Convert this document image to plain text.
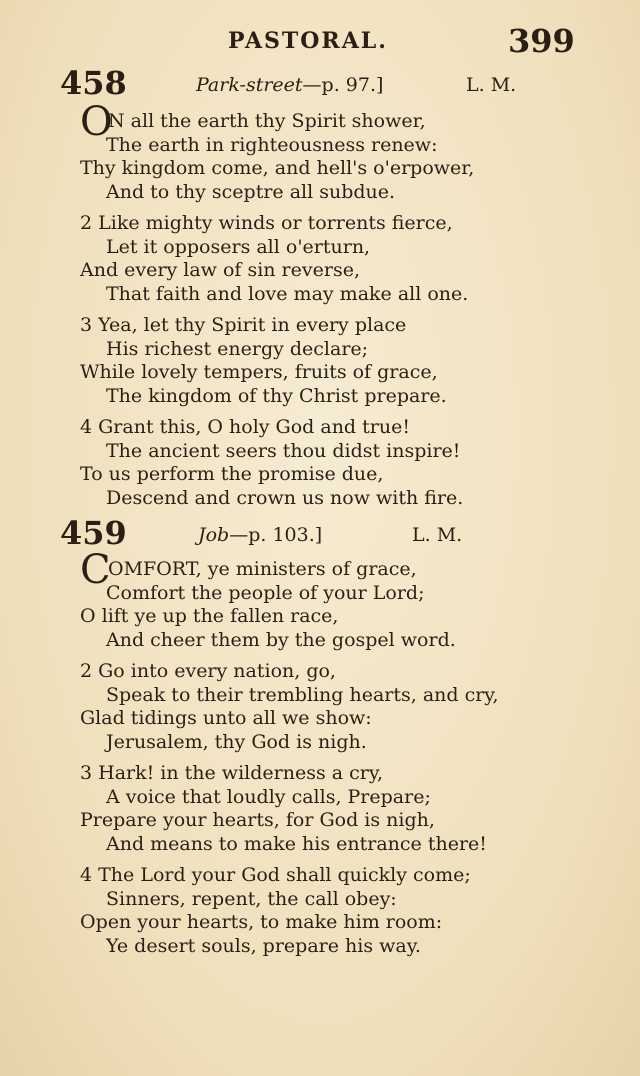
PASTORAL.	399
458	Park-street—p. 97.]	L. M.
O
N all the earth thy Spirit shower,
The earth in righteousness renew:
Thy kingdom come, and hell's o'erpower,
And to thy sceptre all subdue.
2 Like mighty winds or torrents fierce,
Let it opposers all o'erturn,
And every law of sin reverse,
That faith and love may make all one.
3 Yea, let thy Spirit in every place
His richest energy declare;
While lovely tempers, fruits of grace,
The kingdom of thy Christ prepare.
4 Grant this, O holy God and true!
The ancient seers thou didst inspire!
To us perform the promise due,
Descend and crown us now with fire.
459	Job—p. 103.]	L. M.
C
OMFORT, ye ministers of grace,
Comfort the people of your Lord;
O lift ye up the fallen race,
And cheer them by the gospel word.
2 Go into every nation, go,
Speak to their trembling hearts, and cry,
Glad tidings unto all we show:
Jerusalem, thy God is nigh.
3 Hark! in the wilderness a cry,
A voice that loudly calls, Prepare;
Prepare your hearts, for God is nigh,
And means to make his entrance there!
4 The Lord your God shall quickly come;
Sinners, repent, the call obey:
Open your hearts, to make him room:
Ye desert souls, prepare his way.
